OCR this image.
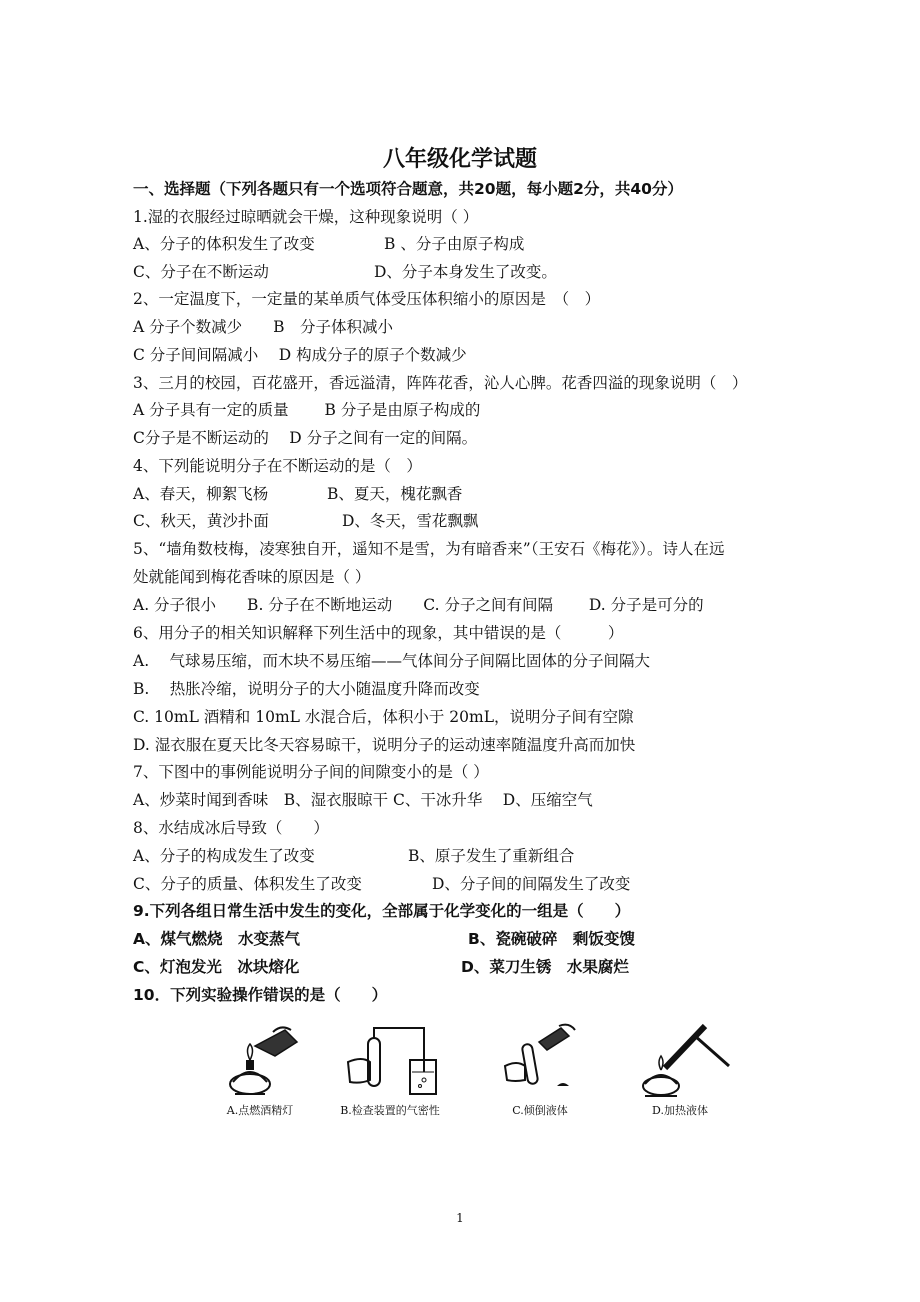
八年级化学试题
一、选择题（下列各题只有一个选项符合题意，共20题，每小题2分，共40分）
1.湿的衣服经过晾晒就会干燥，这种现象说明（ ）
A、分子的体积发生了改变	B 、分子由原子构成
C、分子在不断运动	D、分子本身发生了改变。
2、一定温度下，一定量的某单质气体受压体积缩小的原因是　（　）
A 分子个数减少　　B　分子体积减小
C 分子间间隔减小　 D 构成分子的原子个数减少
3、三月的校园，百花盛开，香远溢清，阵阵花香，沁人心脾。花香四溢的现象说明（　）
A 分子具有一定的质量　　 B 分子是由原子构成的
C分子是不断运动的　 D 分子之间有一定的间隔。
4、下列能说明分子在不断运动的是（　）
A、春天，柳絮飞杨	B、夏天，槐花飘香
C、秋天，黄沙扑面	D、冬天，雪花飘飘
5、“墙角数枝梅，凌寒独自开，遥知不是雪，为有暗香来”（王安石《梅花》）。诗人在远
处就能闻到梅花香味的原因是（ ）
A. 分子很小　　B. 分子在不断地运动　　C. 分子之间有间隔　　 D. 分子是可分的
6、用分子的相关知识解释下列生活中的现象，其中错误的是（　　　）
A.　 气球易压缩，而木块不易压缩——气体间分子间隔比固体的分子间隔大
B.　 热胀冷缩，说明分子的大小随温度升降而改变
C. 10mL 酒精和 10mL 水混合后，体积小于 20mL，说明分子间有空隙
D. 湿衣服在夏天比冬天容易晾干，说明分子的运动速率随温度升高而加快
7、下图中的事例能说明分子间的间隙变小的是（ ）
A、炒菜时闻到香味　B、湿衣服晾干 C、干冰升华　 D、压缩空气
8、水结成冰后导致（　　）
A、分子的构成发生了改变	B、原子发生了重新组合
C、分子的质量、体积发生了改变	D、分子间的间隔发生了改变
9.下列各组日常生活中发生的变化，全部属于化学变化的一组是（　　）
A、煤气燃烧　水变蒸气	B、瓷碗破碎　剩饭变馊
C、灯泡发光　冰块熔化	D、菜刀生锈　水果腐烂
10．下列实验操作错误的是（　　）
A.点燃酒精灯	B.检查装置的气密性	C.倾倒液体	D.加热液体
1
